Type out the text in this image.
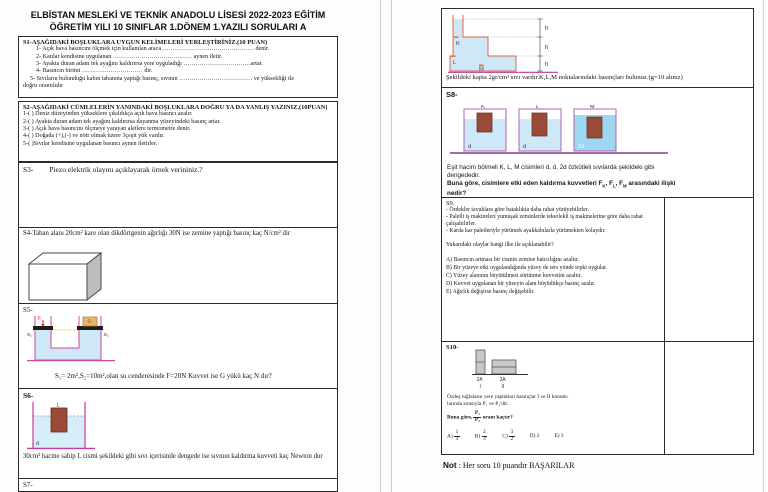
ELBİSTAN MESLEKİ VE TEKNİK ANADOLU LİSESİ 2022-2023 EĞİTİM
ÖĞRETİM YILI 10 SINIFLAR 1.DÖNEM 1.YAZILI SORULARI A
S1-AŞAĞIDAKİ BOŞLUKLARA UYGUN KELİMELERİ YERLEŞTİRİNİZ.(10 PUAN)
1- Açık hava basıncını ölçmek için kullanılan araca ……………………………………… denir.
2- Katılar kendisine uygulanan ………………………………… aynen iletir.
3- Ayakta duran adam tek ayağını kaldırırsa yere uyguladığı ……………………………artar.
4- Basıncın birimi ………………………… dir.
5- Sıvıların bulunduğu kabın tabanına yaptığı basınç, sıvının ……………………………… ve yüksekliği ile
doğru orantılıdır
S2-AŞAĞIDAKİ CÜMLELERİN YANINDAKİ BOŞLUKLARA DOĞRU YA DA YANLIŞ YAZINIZ.(10PUAN)
1-( ) Deniz düzeyinden yükseklere çıkıldıkça açık hava basıncı azalır.
2-( ) Ayakta duran adam tek ayağını kaldırırsa dayanma yüzeyindeki basınç artar.
3-( ) Açık hava basıncını ölçmeye yarayan aletlere termometre denir.
4-( ) Doğada (+),(-) ve nötr olmak üzere 3çeşit yük vardır.
5-( )Sıvılar kendisine uygulanan basıncı aynen iletirler.
S3- Piezo elektrik olayını açıklayarak örnek verininiz.?
S4-Taban alanı 20cm² kare olan dikdörtgenin ağırlığı 30N ise zemine yaptığı basınç kaç N/cm² dir
S5-
F	G
S₁	S₂
S₁= 2m²,S₂=10m²,olan su cenderesinde F=20N Kuvvet ise G yükü kaç N dır?
S6-
L
d
30cm³ hacme sahip L cismi şekildeki gibi sıvı içerisinde dengede ise sıvının kaldırma kuvveti kaç Newton dur
S7-
h
h
h
K
L
M
Şekildeki kapta 2gr/cm³ sıvı vardır.K,L,M noktalarındaki basınçları bulunuz.(g=10 alınız)
S8-
K	L	M
d	d	2d
Eşit hacim bölmeli K, L, M cisimleri d, d, 2d özkütleli sıvılarda şekildeki gibi dengededir.
Buna göre, cisimlere etki eden kaldırma kuvvetleri $F_K$, $F_L$, $F_M$ arasındaki ilişki nedir?
S9.
- Ördekler tavuklara göre bataklıkta daha rahat yürüyebilirler.
- Paletli iş makineleri yumuşak zeminlerde tekerlekli iş makinelerine göre daha rahat çalışabilirler.
- Karda kar paletleriyle yürümek ayakkabılarla yürümekten kolaydır.
Yukarıdaki olaylar hangi ilke ile açıklanabilir?
A) Basıncın artması bir cismin zemine batıcılığını azaltır.
B) Bir yüzeye etki uygulandığında yüzey de ters yönde tepki uygular.
C) Yüzey alanının büyütülmesi sürtünme kuvvetini azaltır.
D) Kuvvet uygulanan bir yüzeyin alanı büyüdükçe basınç azalır.
E) Ağırlık değişirse basınç değişebilir.
S10-
2A
I
3A
II
Özdeş tuğlaların yere yaptıkları basınçlar I ve II konum-
larında sırasıyla P₁ ve P₂'dir.
Buna göre, $\frac{\text{P₁}}{\text{P₂}}$ oranı kaçtır?
$A) \frac{1}{3}$	$B) \frac{2}{3}$	$C) \frac{3}{2}$	D) 2	E) 3
Not : Her soru 10 puandır BAŞARILAR
